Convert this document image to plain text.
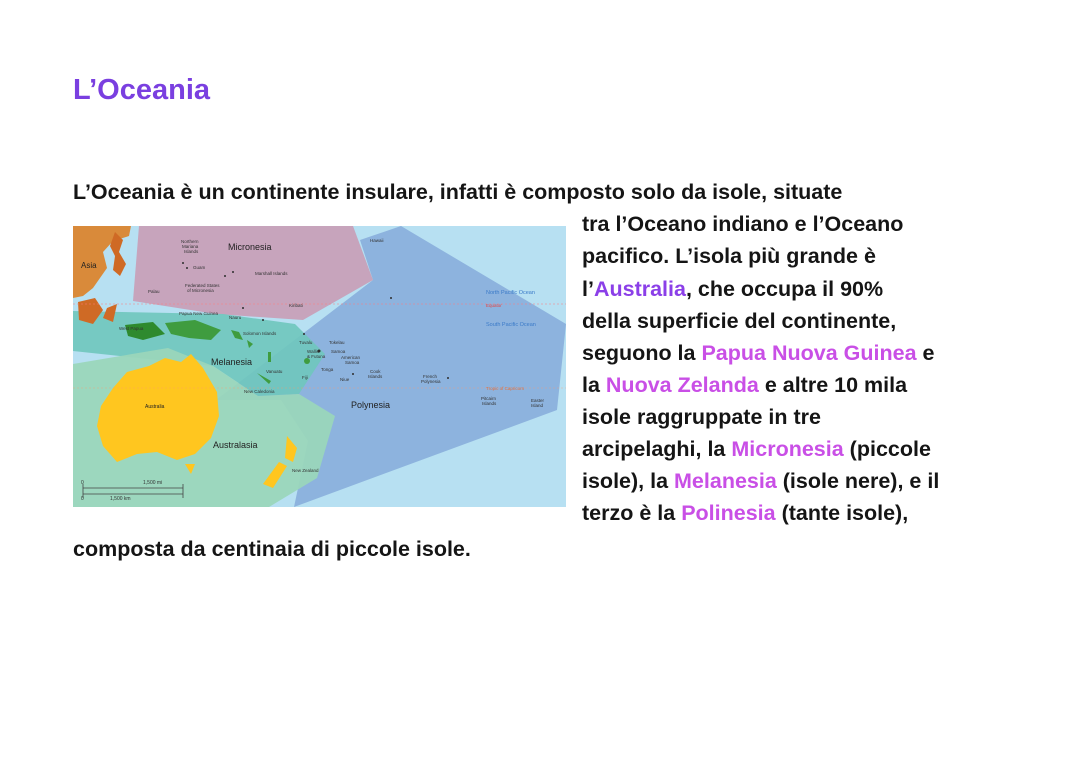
L’Oceania
L’Oceania è un continente insulare, infatti è composto solo da isole, situate
tra l’Oceano indiano e l’Oceano
pacifico. L’isola più grande è
l’Australia, che occupa il 90%
della superficie del continente,
seguono la Papua Nuova Guinea e
la Nuova Zelanda e altre 10 mila
isole raggruppate in tre
arcipelaghi, la Micronesia (piccole
isole), la Melanesia (isole nere), e il
terzo è la Polinesia (tante isole),
composta da centinaia di piccole isole.
Micronesia
Melanesia
Polynesia
Australasia
Asia
Australia
Northern
Mariana
Islands
Guam
Palau
Federated States
of Micronesia
Marshall Islands
Hawaii
Kiribati
Nauru
Papua New Guinea
West Papua
Solomon Islands
Vanuatu
Fiji
New Caledonia
New Zealand
Tuvalu	Tokelau
Wallis
& Futuna
Samoa
American
Samoa
Tonga
Niue
Cook
Islands	French
Polynesia
Pitcairn
Islands
Easter
Island
North Pacific Ocean
Equator
South Pacific Ocean
Tropic of Capricorn
0	1,500 mi
0	1,500 km
